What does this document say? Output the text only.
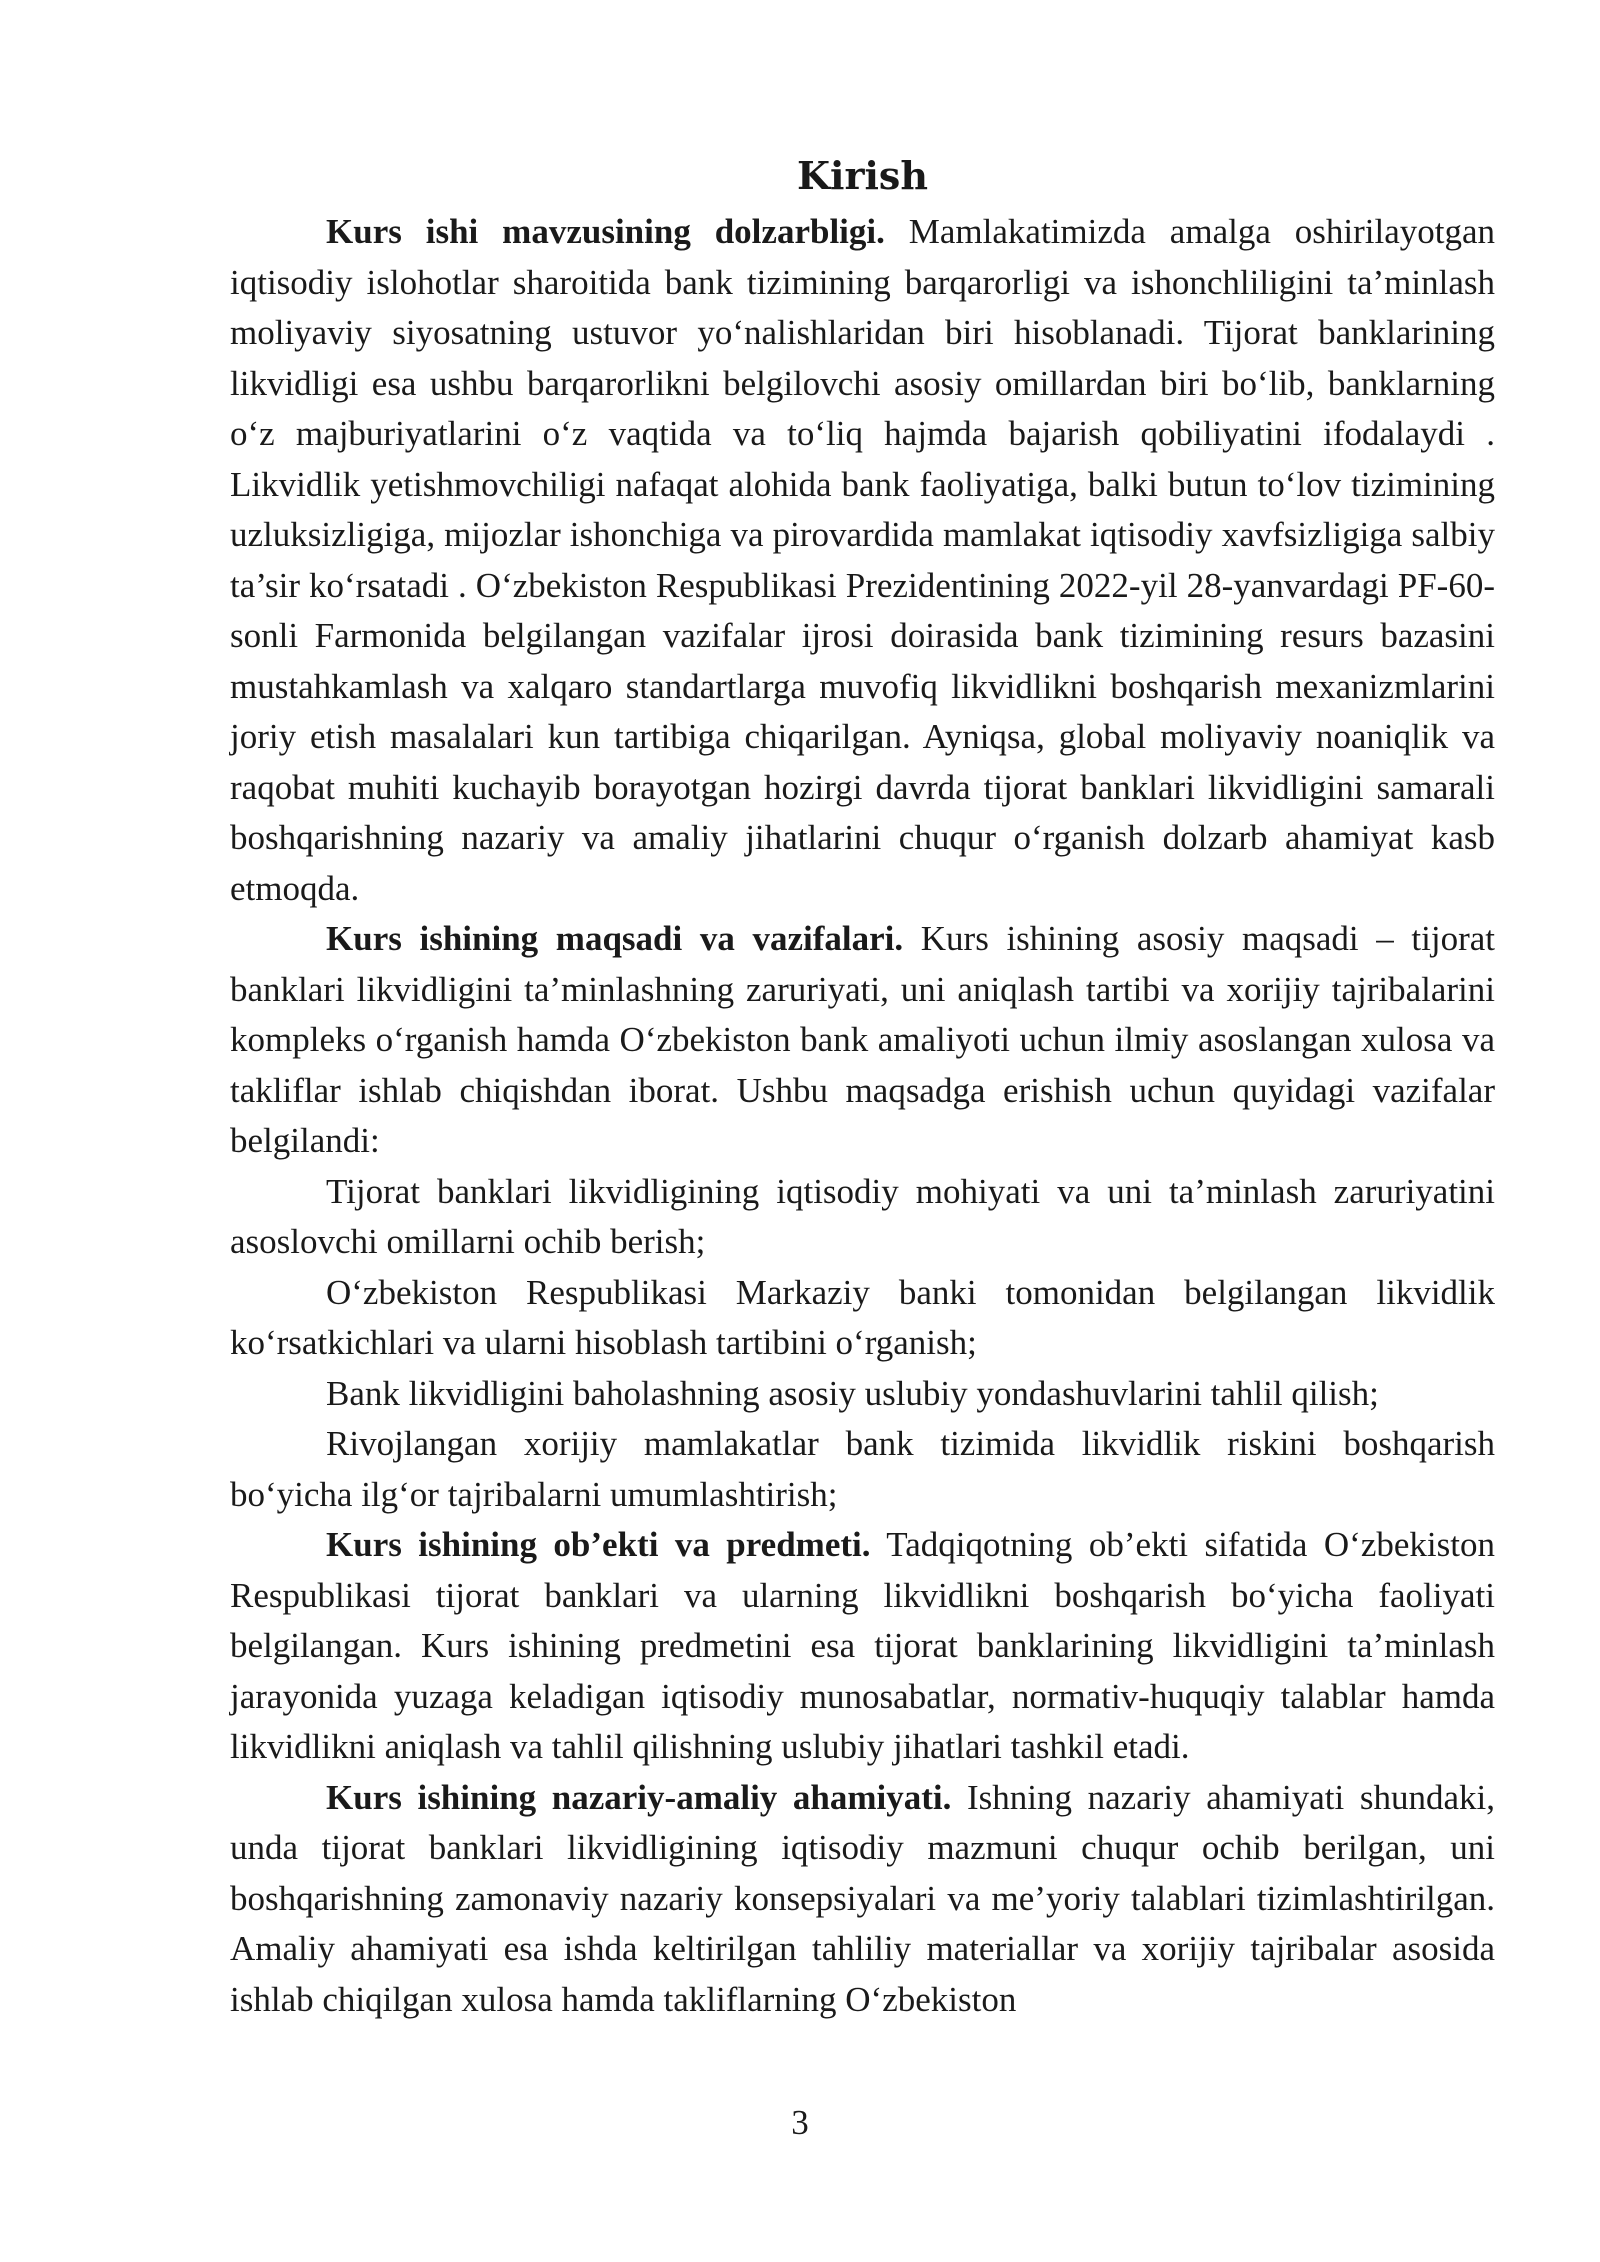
Kirish

Kurs ishi mavzusining dolzarbligi. Mamlakatimizda amalga oshirilayotgan iqtisodiy islohotlar sharoitida bank tizimining barqarorligi va ishonchliligini ta’minlash moliyaviy siyosatning ustuvor yo‘nalishlaridan biri hisoblanadi. Tijorat banklarining likvidligi esa ushbu barqarorlikni belgilovchi asosiy omillardan biri bo‘lib, banklarning o‘z majburiyatlarini o‘z vaqtida va to‘liq hajmda bajarish qobiliyatini ifodalaydi . Likvidlik yetishmovchiligi nafaqat alohida bank faoliyatiga, balki butun to‘lov tizimining uzluksizligiga, mijozlar ishonchiga va pirovardida mamlakat iqtisodiy xavfsizligiga salbiy ta’sir ko‘rsatadi . O‘zbekiston Respublikasi Prezidentining 2022-yil 28-yanvardagi PF-60-sonli Farmonida belgilangan vazifalar ijrosi doirasida bank tizimining resurs bazasini mustahkamlash va xalqaro standartlarga muvofiq likvidlikni boshqarish mexanizmlarini joriy etish masalalari kun tartibiga chiqarilgan. Ayniqsa, global moliyaviy noaniqlik va raqobat muhiti kuchayib borayotgan hozirgi davrda tijorat banklari likvidligini samarali boshqarishning nazariy va amaliy jihatlarini chuqur o‘rganish dolzarb ahamiyat kasb etmoqda.

Kurs ishining maqsadi va vazifalari. Kurs ishining asosiy maqsadi – tijorat banklari likvidligini ta’minlashning zaruriyati, uni aniqlash tartibi va xorijiy tajribalarini kompleks o‘rganish hamda O‘zbekiston bank amaliyoti uchun ilmiy asoslangan xulosa va takliflar ishlab chiqishdan iborat. Ushbu maqsadga erishish uchun quyidagi vazifalar belgilandi:

Tijorat banklari likvidligining iqtisodiy mohiyati va uni ta’minlash zaruriyatini asoslovchi omillarni ochib berish;

O‘zbekiston Respublikasi Markaziy banki tomonidan belgilangan likvidlik ko‘rsatkichlari va ularni hisoblash tartibini o‘rganish;

Bank likvidligini baholashning asosiy uslubiy yondashuvlarini tahlil qilish;

Rivojlangan xorijiy mamlakatlar bank tizimida likvidlik riskini boshqarish bo‘yicha ilg‘or tajribalarni umumlashtirish;

Kurs ishining ob’ekti va predmeti. Tadqiqotning ob’ekti sifatida O‘zbekiston Respublikasi tijorat banklari va ularning likvidlikni boshqarish bo‘yicha faoliyati belgilangan. Kurs ishining predmetini esa tijorat banklarining likvidligini ta’minlash jarayonida yuzaga keladigan iqtisodiy munosabatlar, normativ-huquqiy talablar hamda likvidlikni aniqlash va tahlil qilishning uslubiy jihatlari tashkil etadi.

Kurs ishining nazariy-amaliy ahamiyati. Ishning nazariy ahamiyati shundaki, unda tijorat banklari likvidligining iqtisodiy mazmuni chuqur ochib berilgan, uni boshqarishning zamonaviy nazariy konsepsiyalari va me’yoriy talablari tizimlashtirilgan. Amaliy ahamiyati esa ishda keltirilgan tahliliy materiallar va xorijiy tajribalar asosida ishlab chiqilgan xulosa hamda takliflarning O‘zbekiston

3
